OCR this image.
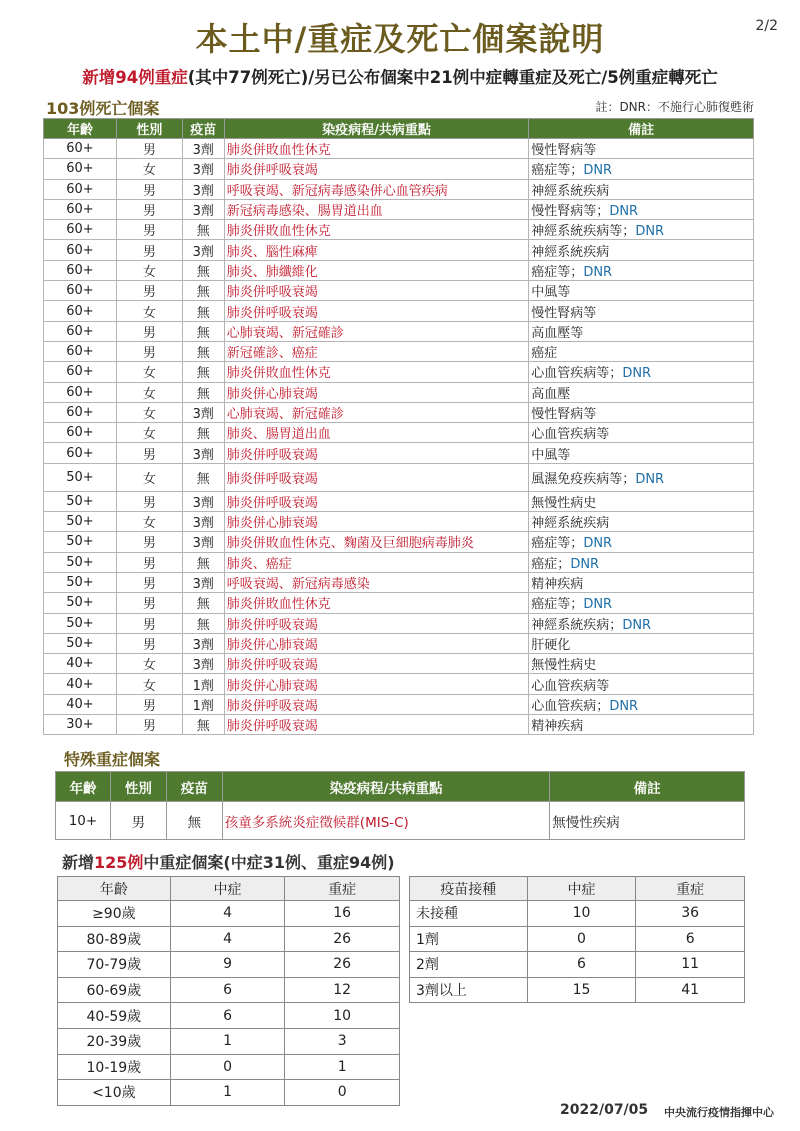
2/2
本土中/重症及死亡個案說明
新增94例重症(其中77例死亡)/另已公布個案中21例中症轉重症及死亡/5例重症轉死亡
103例死亡個案	註：DNR：不施行心肺復甦術
年齡	性別	疫苗	染疫病程/共病重點	備註
60+	男	3劑	肺炎併敗血性休克	慢性腎病等
60+	女	3劑	肺炎併呼吸衰竭	癌症等；DNR
60+	男	3劑	呼吸衰竭、新冠病毒感染併心血管疾病	神經系統疾病
60+	男	3劑	新冠病毒感染、腸胃道出血	慢性腎病等；DNR
60+	男	無	肺炎併敗血性休克	神經系統疾病等；DNR
60+	男	3劑	肺炎、腦性麻痺	神經系統疾病
60+	女	無	肺炎、肺纖維化	癌症等；DNR
60+	男	無	肺炎併呼吸衰竭	中風等
60+	女	無	肺炎併呼吸衰竭	慢性腎病等
60+	男	無	心肺衰竭、新冠確診	高血壓等
60+	男	無	新冠確診、癌症	癌症
60+	女	無	肺炎併敗血性休克	心血管疾病等；DNR
60+	女	無	肺炎併心肺衰竭	高血壓
60+	女	3劑	心肺衰竭、新冠確診	慢性腎病等
60+	女	無	肺炎、腸胃道出血	心血管疾病等
60+	男	3劑	肺炎併呼吸衰竭	中風等
50+	女	無	肺炎併呼吸衰竭	風濕免疫疾病等；DNR
50+	男	3劑	肺炎併呼吸衰竭	無慢性病史
50+	女	3劑	肺炎併心肺衰竭	神經系統疾病
50+	男	3劑	肺炎併敗血性休克、麴菌及巨細胞病毒肺炎	癌症等；DNR
50+	男	無	肺炎、癌症	癌症；DNR
50+	男	3劑	呼吸衰竭、新冠病毒感染	精神疾病
50+	男	無	肺炎併敗血性休克	癌症等；DNR
50+	男	無	肺炎併呼吸衰竭	神經系統疾病；DNR
50+	男	3劑	肺炎併心肺衰竭	肝硬化
40+	女	3劑	肺炎併呼吸衰竭	無慢性病史
40+	女	1劑	肺炎併心肺衰竭	心血管疾病等
40+	男	1劑	肺炎併呼吸衰竭	心血管疾病；DNR
30+	男	無	肺炎併呼吸衰竭	精神疾病
特殊重症個案
年齡	性別	疫苗	染疫病程/共病重點	備註
10+	男	無	孩童多系統炎症徵候群(MIS-C)	無慢性疾病
新增125例中重症個案(中症31例、重症94例)
年齡	中症	重症
≥90歲	4	16
80-89歲	4	26
70-79歲	9	26
60-69歲	6	12
40-59歲	6	10
20-39歲	1	3
10-19歲	0	1
<10歲	1	0
疫苗接種	中症	重症
未接種	10	36
1劑	0	6
2劑	6	11
3劑以上	15	41
2022/07/05 中央流行疫情指揮中心
